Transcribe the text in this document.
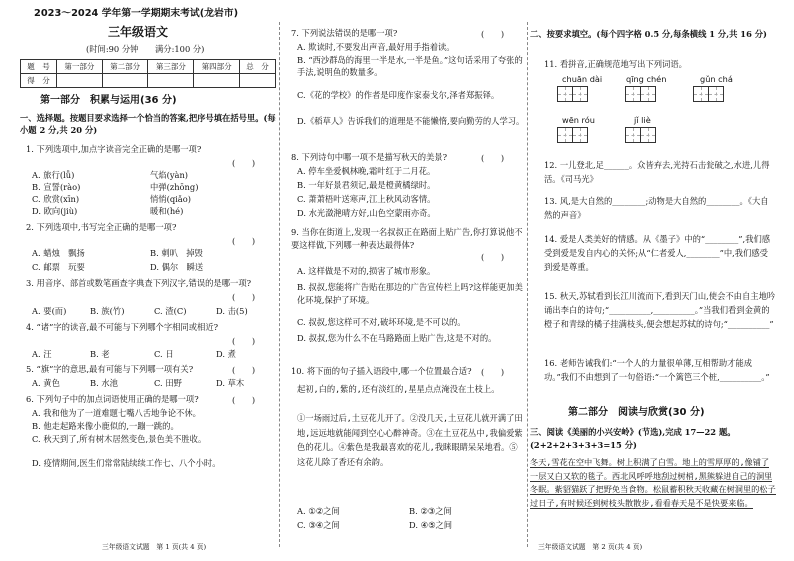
2023～2024 学年第一学期期末考试(龙岩市)
三年级语文
(时间:90 分钟　　满分:100 分)
题　号	第一部分	第二部分	第三部分	第四部分	总　分
得　分					
第一部分　积累与运用(36 分)
一、选择题。按题目要求选择一个恰当的答案,把序号填在括号里。(每小题 2 分,共 20 分)
1. 下列选项中,加点字读音完全正确的是哪一项?
(　　)
A. 旅行(lǚ)	气焰(yàn)
B. 宣誓(rào)	中弹(zhōng)
C. 欣赏(xīn)	悄悄(qiǎo)
D. 欧向(jiù)	暖和(hé)
2. 下列选项中,书写完全正确的是哪一项?
(　　)
A. 蜡烛　飘扬	B. 刺叭　掉毁
C. 邮票　玩要	D. 偶尔　瞬送
3. 用音序、部首或数笔画查字典查下列汉字,错误的是哪一项?
(　　)
A. 要(而)	B. 族(竹)	C. 渣(C)	D. 击(5)
4. “诸”字的读音,最不可能与下列哪个字相同或相近?
(　　)
A. 汪	B. 老	C. 日	D. 煮
5. “旗”字的意思,最有可能与下列哪一项有关?	(　　)
A. 黄色	B. 水池	C. 田野	D. 草木
6. 下列句子中的加点词语使用正确的是哪一项?	(　　)
A. 我和他为了一道难题七嘴八舌地争论不休。
B. 他走起路来像小鹿似的,一蹦一跳的。
C. 秋天到了,所有树木居然变色,景色美不胜收。
D. 疫情期间,医生们常常陆续续工作七、八个小时。
三年级语文试题　第 1 页(共 4 页)
7. 下列说法错误的是哪一项?	(　　)
A. 欺读时,不要发出声音,最好用手指着读。
B. “西沙群岛的海里一半是水,一半是鱼。”这句话采用了夸张的手法,说明鱼的数量多。
C.《花的学校》的作者是印度作家泰戈尔,泽者郑振铎。
D.《稻草人》告诉我们的道理是不能懒惰,要向勤劳的人学习。
8. 下列诗句中哪一项不是描写秋天的美景?	(　　)
A. 停车坐爱枫林晚,霜叶红于二月花。
B. 一年好景君须记,最是橙黄橘绿时。
C. 萧萧梧叶送寒声,江上秋风动客情。
D. 水光潋滟晴方好,山色空蒙雨亦奇。
9. 当你在街道上,发现一名叔叔正在路面上贴广告,你打算说他不要这样做,下列哪一种表达最得体?
(　　)
A. 这样做是不对的,损害了城市形象。
B. 叔叔,您能将广告贴在那边的广告宣传栏上吗?这样能更加美化环境,保护了环境。
C. 叔叔,您这样可不对,破坏环境,是不可以的。
D. 叔叔,您为什么不在马路路面上贴广告,这是不对的。
10. 将下面的句子插入语段中,哪一个位置最合适? (　　)
起初,白的,紫的,还有淡红的,星星点点淹没在土枝上。
①一场雨过后,土豆花儿开了。②没几天,土豆花儿就开满了田地,远远地就能闻到空心心醉神奇。③在土豆花丛中,我偏爱紫色的花儿。④紫色是我最喜欢的花儿,我眯眼睛呆呆地看。⑤这花儿除了香还有余韵。
A. ①②之间	B. ②③之间
C. ③④之间	D. ④⑤之间
二、按要求填空。(每个四字格 0.5 分,每条横线 1 分,共 16 分)
11. 看拼音,正确规范地写出下列词语。
chuān dài	qīng chén	gǔn chá
wēn róu	jǐ liè
12. 一儿登北,足______。众皆弃去,光持石击瓮破之,水进,儿得活。《司马光》
13. 风,是大自然的________;动物是大自然的________。《大自然的声音》
14. 爱是人类美好的情感。从《墨子》中的“________”,我们感受到爱是发自内心的关怀;从“仁者爱人,________”中,我们感受到爱是尊重。
15. 秋天,苏轼看到长江川流而下,看到天门山,使会不由自主地吟诵出李白的诗句;“__________,__________。”当我们看到金黄的橙子和青绿的橘子挂满枝头,便会想起苏轼的诗句;“__________”
16. 老师告诫我们:“一个人的力量很单薄,互相帮助才能成功。”我们不由想到了一句俗语:“一个篱笆三个桩,__________。”
第二部分　阅读与欣赏(30 分)
三、阅读《美丽的小兴安岭》(节选),完成 17—22 题。(2+2+2+3+3+3=15 分)
冬天,雪花在空中飞舞。树上积满了白雪。地上的雪厚厚的,像铺了一层又白又软的毯子。西北风呼呼地刮过树梢,黑熊躲进自己的洞里冬眠。紫貂猫跃了把野免当食物。松鼠蓄积秋天收藏在树洞里的松子过日子,有时候还到树枝头散散步,看看春天是不是快要来临。
三年级语文试题　第 2 页(共 4 页)
